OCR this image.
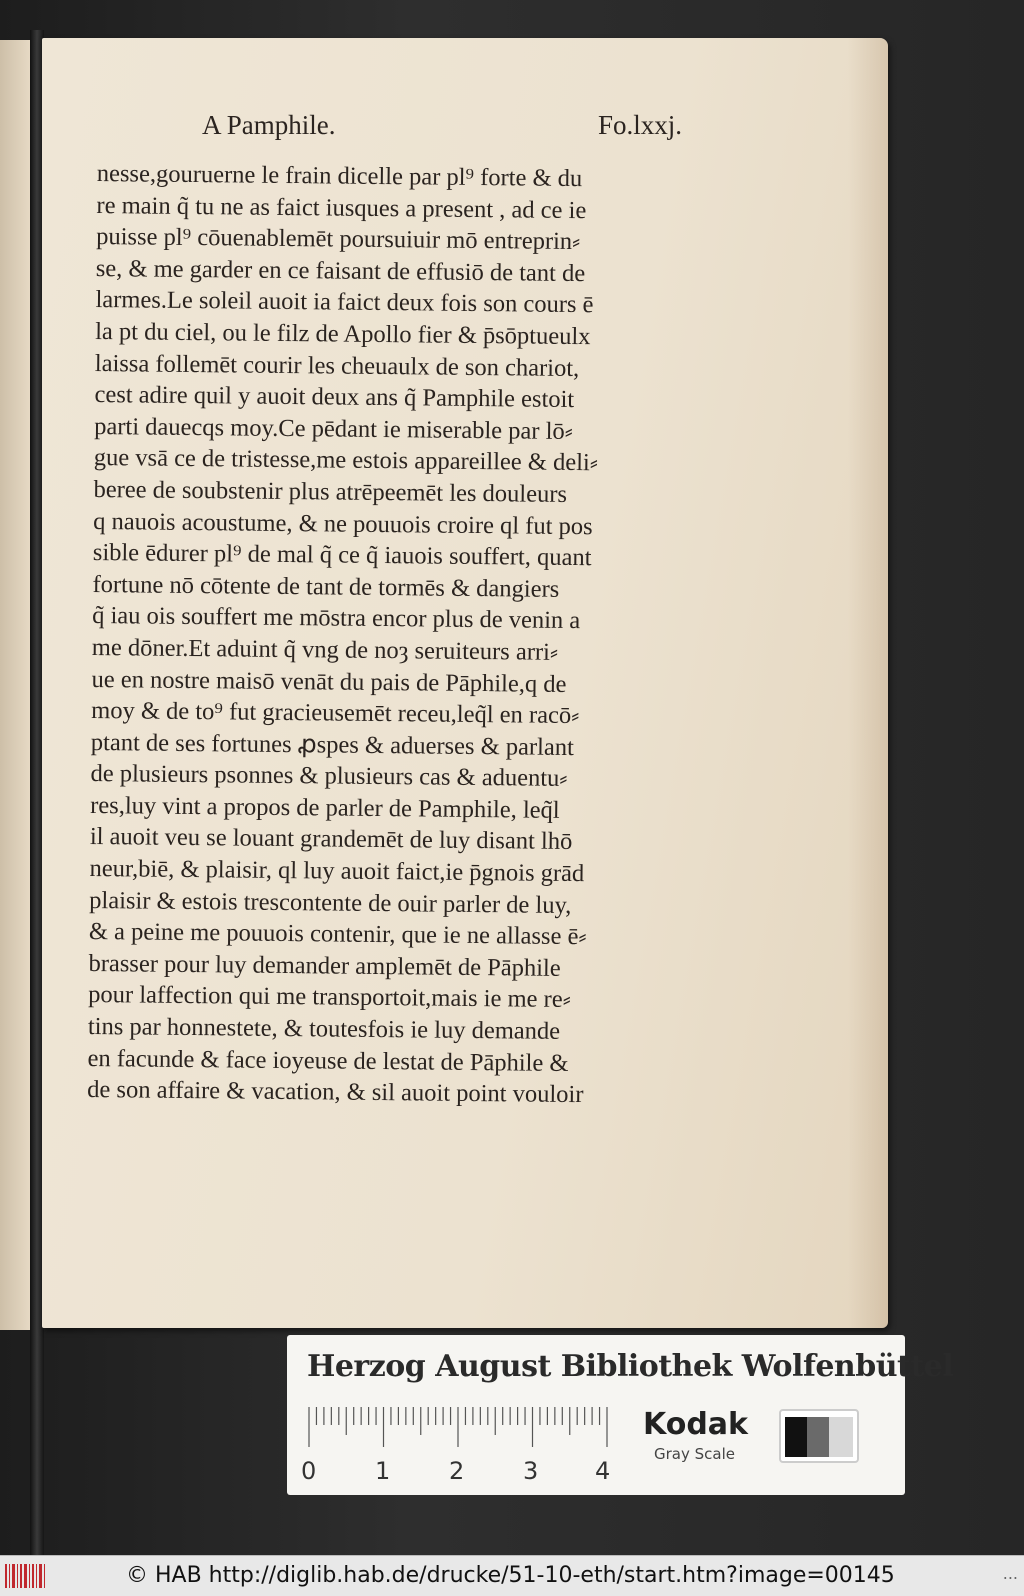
A Pamphile.	Fo.lxxj.
nesse,gouruerne le frain dicelle par pl⁹ forte & du
re main q̃ tu ne as faict iusques a present , ad ce ie
puisse pl⁹ cōuenablemēt poursuiuir mō entreprin⸗
se, & me garder en ce faisant de effusiō de tant de
larmes.Le soleil auoit ia faict deux fois son cours ē
la pt du ciel, ou le filz de Apollo fier & p̄sōptueulx
laissa follemēt courir les cheuaulx de son chariot,
cest adire quil y auoit deux ans q̃ Pamphile estoit
parti dauecqs moy.Ce pēdant ie miserable par lō⸗
gue vsā ce de tristesse,me estois appareillee & deli⸗
beree de soubstenir plus atrēpeemēt les douleurs
q nauois acoustume, & ne pouuois croire ql fut pos
sible ēdurer pl⁹ de mal q̃ ce q̃ iauois souffert, quant
fortune nō cōtente de tant de tormēs & dangiers
q̃ iau ois souffert me mōstra encor plus de venin a
me dōner.Et aduint q̃ vng de noȝ seruiteurs arri⸗
ue en nostre maisō venāt du pais de Pāphile,q de
moy & de to⁹ fut gracieusemēt receu,leq̃l en racō⸗
ptant de ses fortunes ꝓspes & aduerses & parlant
de plusieurs psonnes & plusieurs cas & aduentu⸗
res,luy vint a propos de parler de Pamphile, leq̃l
il auoit veu se louant grandemēt de luy disant lhō
neur,biē, & plaisir, ql luy auoit faict,ie p̄gnois grād
plaisir & estois trescontente de ouir parler de luy,
& a peine me pouuois contenir, que ie ne allasse ē⸗
brasser pour luy demander amplemēt de Pāphile
pour laffection qui me transportoit,mais ie me re⸗
tins par honnestete, & toutesfois ie luy demande
en facunde & face ioyeuse de lestat de Pāphile &
de son affaire & vacation, & sil auoit point vouloir
Herzog August Bibliothek Wolfenbüttel
0 1 2 3 4
Kodak
Gray Scale
© HAB http://diglib.hab.de/drucke/51-10-eth/start.htm?image=00145	...
